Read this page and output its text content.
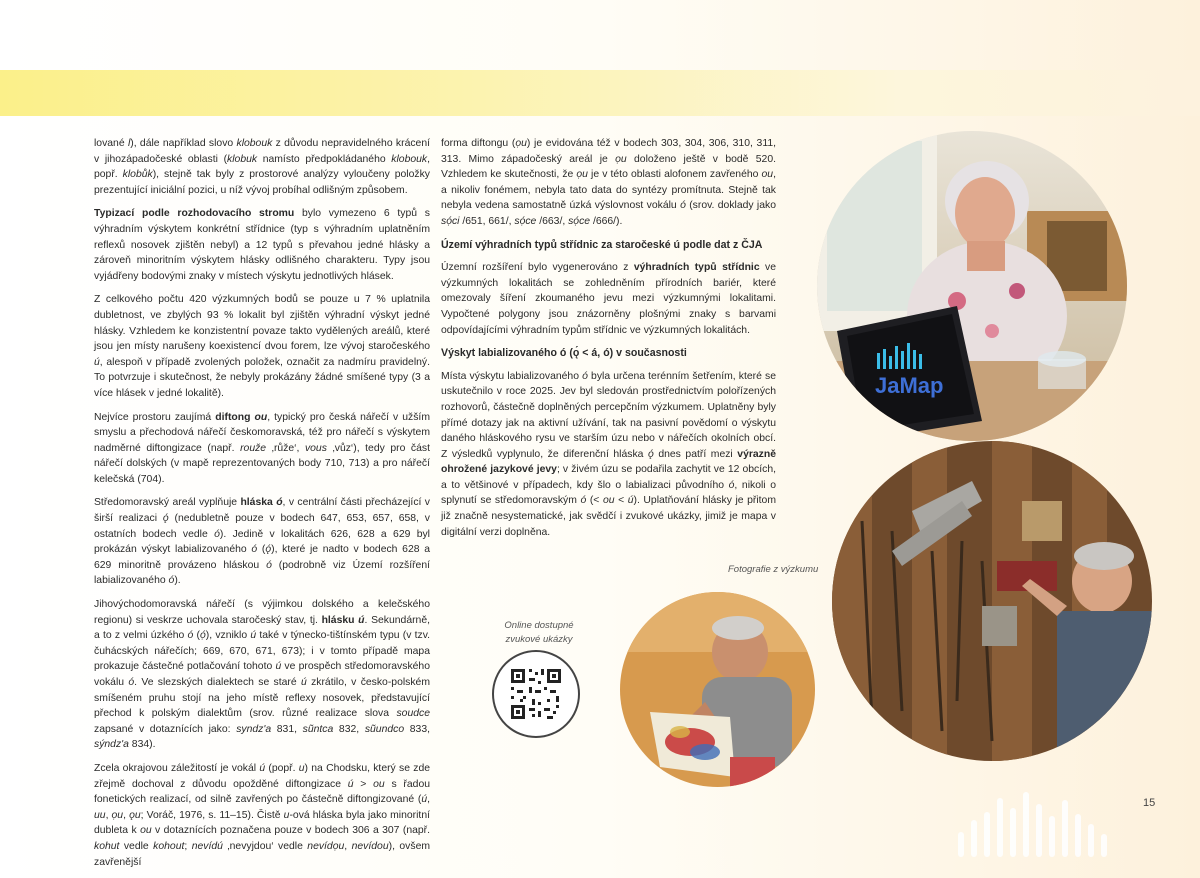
lované l), dále například slovo klobouk z důvodu nepravidelného krácení v jihozápadočeské oblasti (klobuk namísto předpokládaného klobouk, popř. klobůk), stejně tak byly z prostorové analýzy vyloučeny položky prezentující iniciální pozici, u níž vývoj probíhal odlišným způsobem.

Typizací podle rozhodovacího stromu bylo vymezeno 6 typů s výhradním výskytem konkrétní střídnice (typ s výhradním uplatněním reflexů nosovek zjištěn nebyl) a 12 typů s převahou jedné hlásky a zároveň minoritním výskytem hlásky odlišného charakteru. Typy jsou vyjádřeny bodovými znaky v místech výskytu jednotlivých hlásek.

Z celkového počtu 420 výzkumných bodů se pouze u 7 % uplatnila dubletnost, ve zbylých 93 % lokalit byl zjištěn výhradní výskyt jedné hlásky. Vzhledem ke konzistentní povaze takto vydělených areálů, které jsou jen místy narušeny koexistencí dvou forem, lze vývoj staročeského ú, alespoň v případě zvolených položek, označit za nadmíru pravidelný. To potvrzuje i skutečnost, že nebyly prokázány žádné smíšené typy (3 a více hlásek v jedné lokalitě).

Nejvíce prostoru zaujímá diftong ou, typický pro česká nářečí v užším smyslu a přechodová nářečí českomoravská, též pro nářečí s výskytem nadměrné diftongizace (např. rouže ‚růže‘, vous ‚vůz‘), tedy pro část nářečí dolských (v mapě reprezentovaných body 710, 713) a pro nářečí kelečská (704).

Středomoravský areál vyplňuje hláska ó, v centrální části přecházející v širší realizaci ǫ́ (nedubletně pouze v bodech 647, 653, 657, 658, v ostatních bodech vedle ó). Jedině v lokalitách 626, 628 a 629 byl prokázán výskyt labializovaného ó (ǫ́), které je nadto v bodech 628 a 629 minoritně provázeno hláskou ó (podrobně viz Území rozšíření labializovaného ó).

Jihovýchodomoravská nářečí (s výjimkou dolského a kelečského regionu) si veskrze uchovala staročeský stav, tj. hlásku ú. Sekundárně, a to z velmi úzkého ó (ọ́), vzniklo ú také v týnecko-tištínském typu (v tzv. čuhácských nářečích; 669, 670, 671, 673); i v tomto případě mapa prokazuje částečné potlačování tohoto ú ve prospěch středomoravského vokálu ó. Ve slezských dialektech se staré ú zkrátilo, v česko-polském smíšeném pruhu stojí na jeho místě reflexy nosovek, představující přechod k polským dialektům (srov. různé realizace slova soudce zapsané v dotaznících jako: syndz'a 831, sũntca 832, sũundco 833, sýndz'a 834).

Zcela okrajovou záležitostí je vokál ú (popř. u) na Chodsku, který se zde zřejmě dochoval z důvodu opožděné diftongizace ú > ou s řadou fonetických realizací, od silně zavřených po částečně diftongizované (ú, uu, ọu, ǫu; Voráč, 1976, s. 11–15). Čistě u-ová hláska byla jako minoritní dubleta k ou v dotaznících poznačena pouze v bodech 306 a 307 (např. kohut vedle kohout; nevídú ‚nevyjdou‘ vedle nevídọu, nevídou), ovšem zavřenější

forma diftongu (ọu) je evidována též v bodech 303, 304, 306, 310, 311, 313. Mimo západočeský areál je ọu doloženo ještě v bodě 520. Vzhledem ke skutečnosti, že ọu je v této oblasti alofonem zavřeného ou, a nikoliv fonémem, nebyla tato data do syntézy promítnuta. Stejně tak nebyla vedena samostatně úzká výslovnost vokálu ó (srov. doklady jako sọ́ci /651, 661/, sọ́ce /663/, sọ́ce /666/).

Území výhradních typů střídnic za staročeské ú podle dat z ČJA

Územní rozšíření bylo vygenerováno z výhradních typů střídnic ve výzkumných lokalitách se zohledněním přírodních bariér, které omezovaly šíření zkoumaného jevu mezi výzkumnými lokalitami. Vypočtené polygony jsou znázorněny plošnými znaky s barvami odpovídajícími výhradním typům střídnic ve výzkumných lokalitách.

Výskyt labializovaného ó (ǫ́ < á, ó) v současnosti

Místa výskytu labializovaného ó byla určena terénním šetřením, které se uskutečnilo v roce 2025. Jev byl sledován prostřednictvím polořízených rozhovorů, částečně doplněných percepčním výzkumem. Uplatněny byly přímé dotazy jak na aktivní užívání, tak na pasivní povědomí o výskytu daného hláskového rysu ve starším úzu nebo v nářečích okolních obcí. Z výsledků vyplynulo, že diferenční hláska ǫ́ dnes patří mezi výrazně ohrožené jazykové jevy; v živém úzu se podařila zachytit ve 12 obcích, a to většinové v případech, kdy šlo o labializaci původního ó, nikoli o splynutí se středomoravským ó (< ou < ú). Uplatňování hlásky je přitom již značně nesystematické, jak svědčí i zvukové ukázky, jimiž je mapa v digitální verzi doplněna.

JaMap
Fotografie z výzkumu
Online dostupné
zvukové ukázky
15
